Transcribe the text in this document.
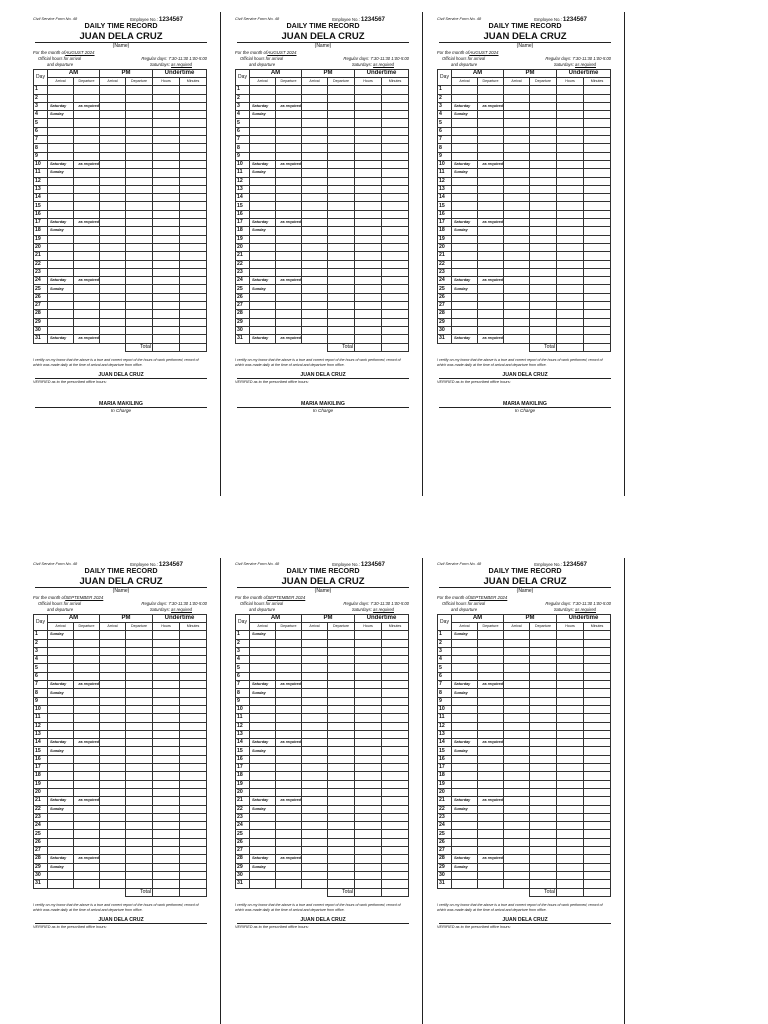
Civil Service Form No. 48	Employee No.: 1234567
DAILY TIME RECORD
JUAN DELA CRUZ
(Name)
For the month ofAUGUST 2024
Official hours for arrival
and departure
Regular days: 7:30-11:30 1:00-5:00
Saturdays: as required
Day	AM		PM		Undertime	
	Arrival	Departure	Arrival	Departure	Hours	Minutes
1						
2						
3	Saturday	as required				
4	Sunday					
5						
6						
7						
8						
9						
10	Saturday	as required				
11	Sunday					
12						
13						
14						
15						
16						
17	Saturday	as required				
18	Sunday					
19						
20						
21						
22						
23						
24	Saturday	as required				
25	Sunday					
26						
27						
28						
29						
30						
31	Saturday	as required				
				Total		
I certify on my honor that the above is a true and correct report of the hours of work performed, record of which was made daily at the time of arrival and departure from office.
JUAN DELA CRUZ
VERIFIED as to the prescribed office hours:
MARIA MAKILING
In Charge
Civil Service Form No. 48	Employee No.: 1234567
DAILY TIME RECORD
JUAN DELA CRUZ
(Name)
For the month ofAUGUST 2024
Official hours for arrival
and departure
Regular days: 7:30-11:30 1:00-5:00
Saturdays: as required
Day	AM		PM		Undertime	
	Arrival	Departure	Arrival	Departure	Hours	Minutes
1						
2						
3	Saturday	as required				
4	Sunday					
5						
6						
7						
8						
9						
10	Saturday	as required				
11	Sunday					
12						
13						
14						
15						
16						
17	Saturday	as required				
18	Sunday					
19						
20						
21						
22						
23						
24	Saturday	as required				
25	Sunday					
26						
27						
28						
29						
30						
31	Saturday	as required				
				Total		
I certify on my honor that the above is a true and correct report of the hours of work performed, record of which was made daily at the time of arrival and departure from office.
JUAN DELA CRUZ
VERIFIED as to the prescribed office hours:
MARIA MAKILING
In Charge
Civil Service Form No. 48	Employee No.: 1234567
DAILY TIME RECORD
JUAN DELA CRUZ
(Name)
For the month ofAUGUST 2024
Official hours for arrival
and departure
Regular days: 7:30-11:30 1:00-5:00
Saturdays: as required
Day	AM		PM		Undertime	
	Arrival	Departure	Arrival	Departure	Hours	Minutes
1						
2						
3	Saturday	as required				
4	Sunday					
5						
6						
7						
8						
9						
10	Saturday	as required				
11	Sunday					
12						
13						
14						
15						
16						
17	Saturday	as required				
18	Sunday					
19						
20						
21						
22						
23						
24	Saturday	as required				
25	Sunday					
26						
27						
28						
29						
30						
31	Saturday	as required				
				Total		
I certify on my honor that the above is a true and correct report of the hours of work performed, record of which was made daily at the time of arrival and departure from office.
JUAN DELA CRUZ
VERIFIED as to the prescribed office hours:
MARIA MAKILING
In Charge
Civil Service Form No. 48	Employee No.: 1234567
DAILY TIME RECORD
JUAN DELA CRUZ
(Name)
For the month ofSEPTEMBER 2024
Official hours for arrival
and departure
Regular days: 7:30-11:30 1:00-5:00
Saturdays: as required
Day	AM		PM		Undertime	
	Arrival	Departure	Arrival	Departure	Hours	Minutes
1	Sunday					
2						
3						
4						
5						
6						
7	Saturday	as required				
8	Sunday					
9						
10						
11						
12						
13						
14	Saturday	as required				
15	Sunday					
16						
17						
18						
19						
20						
21	Saturday	as required				
22	Sunday					
23						
24						
25						
26						
27						
28	Saturday	as required				
29	Sunday					
30						
31						
				Total		
I certify on my honor that the above is a true and correct report of the hours of work performed, record of which was made daily at the time of arrival and departure from office.
JUAN DELA CRUZ
VERIFIED as to the prescribed office hours:
Civil Service Form No. 48	Employee No.: 1234567
DAILY TIME RECORD
JUAN DELA CRUZ
(Name)
For the month ofSEPTEMBER 2024
Official hours for arrival
and departure
Regular days: 7:30-11:30 1:00-5:00
Saturdays: as required
Day	AM		PM		Undertime	
	Arrival	Departure	Arrival	Departure	Hours	Minutes
1	Sunday					
2						
3						
4						
5						
6						
7	Saturday	as required				
8	Sunday					
9						
10						
11						
12						
13						
14	Saturday	as required				
15	Sunday					
16						
17						
18						
19						
20						
21	Saturday	as required				
22	Sunday					
23						
24						
25						
26						
27						
28	Saturday	as required				
29	Sunday					
30						
31						
				Total		
I certify on my honor that the above is a true and correct report of the hours of work performed, record of which was made daily at the time of arrival and departure from office.
JUAN DELA CRUZ
VERIFIED as to the prescribed office hours:
Civil Service Form No. 48	Employee No.: 1234567
DAILY TIME RECORD
JUAN DELA CRUZ
(Name)
For the month ofSEPTEMBER 2024
Official hours for arrival
and departure
Regular days: 7:30-11:30 1:00-5:00
Saturdays: as required
Day	AM		PM		Undertime	
	Arrival	Departure	Arrival	Departure	Hours	Minutes
1	Sunday					
2						
3						
4						
5						
6						
7	Saturday	as required				
8	Sunday					
9						
10						
11						
12						
13						
14	Saturday	as required				
15	Sunday					
16						
17						
18						
19						
20						
21	Saturday	as required				
22	Sunday					
23						
24						
25						
26						
27						
28	Saturday	as required				
29	Sunday					
30						
31						
				Total		
I certify on my honor that the above is a true and correct report of the hours of work performed, record of which was made daily at the time of arrival and departure from office.
JUAN DELA CRUZ
VERIFIED as to the prescribed office hours:
